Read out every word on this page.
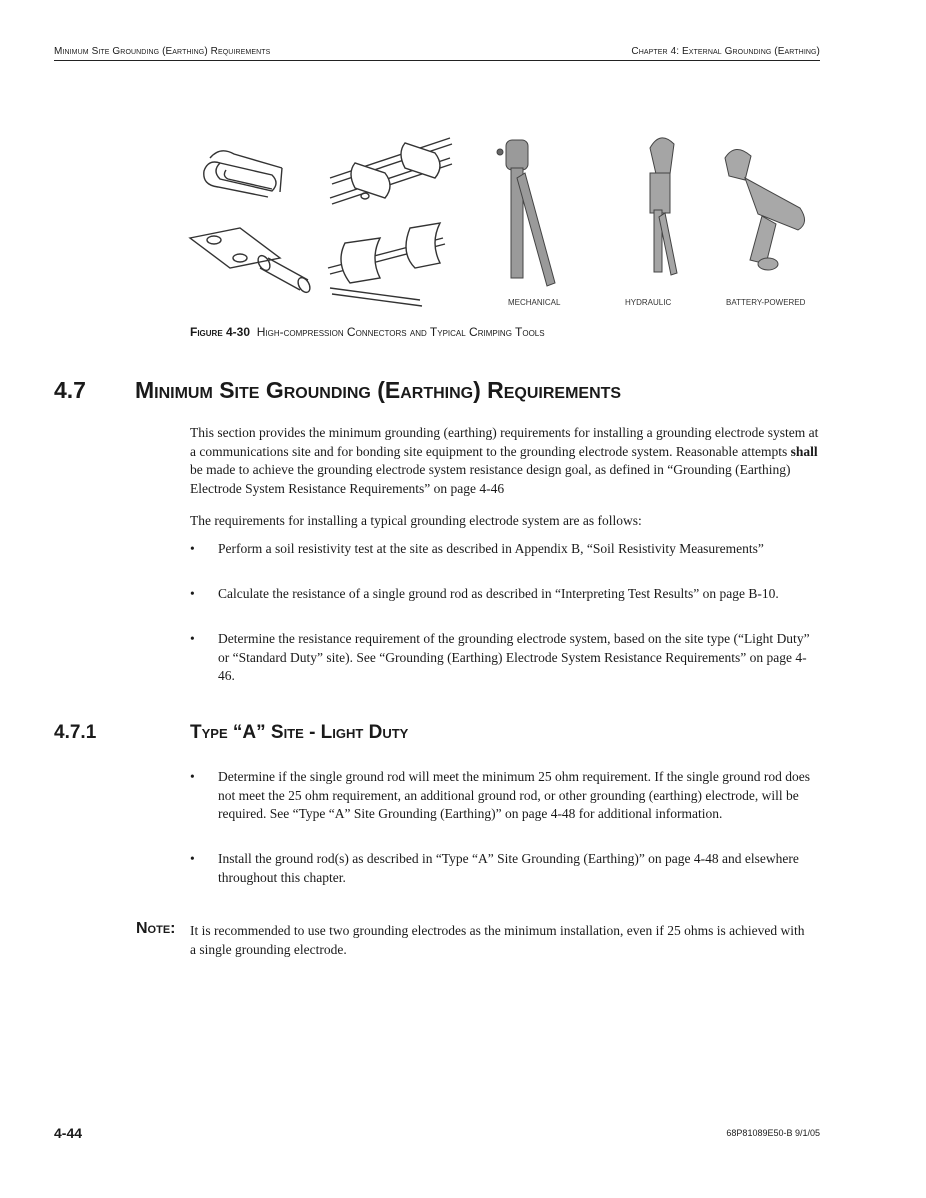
Minimum Site Grounding (Earthing) Requirements	Chapter 4: External Grounding (Earthing)
MECHANICAL	HYDRAULIC	BATTERY-POWERED
Figure 4-30 High-compression Connectors and Typical Crimping Tools
4.7 Minimum Site Grounding (Earthing) Requirements
This section provides the minimum grounding (earthing) requirements for installing a grounding electrode system at a communications site and for bonding site equipment to the grounding electrode system. Reasonable attempts shall be made to achieve the grounding electrode system resistance design goal, as defined in “Grounding (Earthing) Electrode System Resistance Requirements” on page 4-46
The requirements for installing a typical grounding electrode system are as follows:
• Perform a soil resistivity test at the site as described in Appendix B, “Soil Resistivity Measurements”
• Calculate the resistance of a single ground rod as described in “Interpreting Test Results” on page B-10.
• Determine the resistance requirement of the grounding electrode system, based on the site type (“Light Duty” or “Standard Duty” site). See “Grounding (Earthing) Electrode System Resistance Requirements” on page 4-46.
4.7.1	Type “A” Site - Light Duty
• Determine if the single ground rod will meet the minimum 25 ohm requirement. If the single ground rod does not meet the 25 ohm requirement, an additional ground rod, or other grounding (earthing) electrode, will be required. See “Type “A” Site Grounding (Earthing)” on page 4-48 for additional information.
• Install the ground rod(s) as described in “Type “A” Site Grounding (Earthing)” on page 4-48 and elsewhere throughout this chapter.
Note: It is recommended to use two grounding electrodes as the minimum installation, even if 25 ohms is achieved with a single grounding electrode.
4-44	68P81089E50-B 9/1/05
